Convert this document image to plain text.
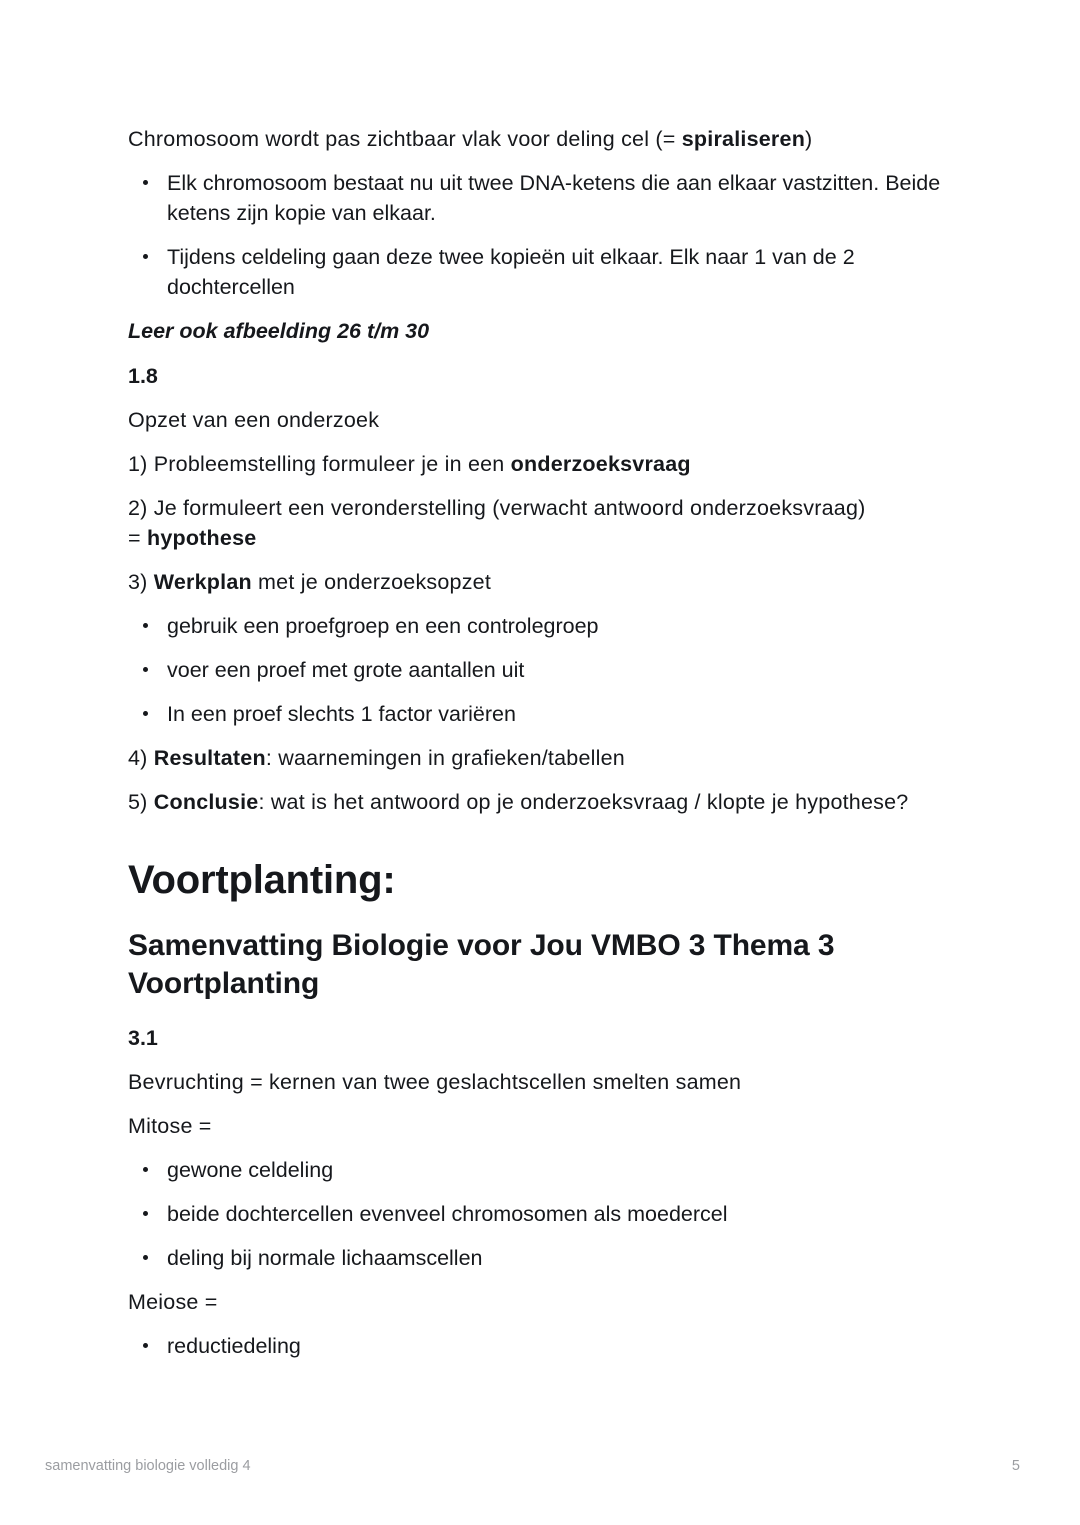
Chromosoom wordt pas zichtbaar vlak voor deling cel (= spiraliseren)

Elk chromosoom bestaat nu uit twee DNA-ketens die aan elkaar vastzitten. Beide ketens zijn kopie van elkaar.
Tijdens celdeling gaan deze twee kopieën uit elkaar. Elk naar 1 van de 2 dochtercellen

Leer ook afbeelding 26 t/m 30

1.8

Opzet van een onderzoek

1) Probleemstelling formuleer je in een onderzoeksvraag

2) Je formuleert een veronderstelling (verwacht antwoord onderzoeksvraag)
= hypothese

3) Werkplan met je onderzoeksopzet

gebruik een proefgroep en een controlegroep
voer een proef met grote aantallen uit
In een proef slechts 1 factor variëren

4) Resultaten: waarnemingen in grafieken/tabellen

5) Conclusie: wat is het antwoord op je onderzoeksvraag / klopte je hypothese?

Voortplanting:
Samenvatting Biologie voor Jou VMBO 3 Thema 3 Voortplanting

3.1

Bevruchting = kernen van twee geslachtscellen smelten samen

Mitose =

gewone celdeling
beide dochtercellen evenveel chromosomen als moedercel
deling bij normale lichaamscellen

Meiose =

reductiedeling
samenvatting biologie volledig 4	5
